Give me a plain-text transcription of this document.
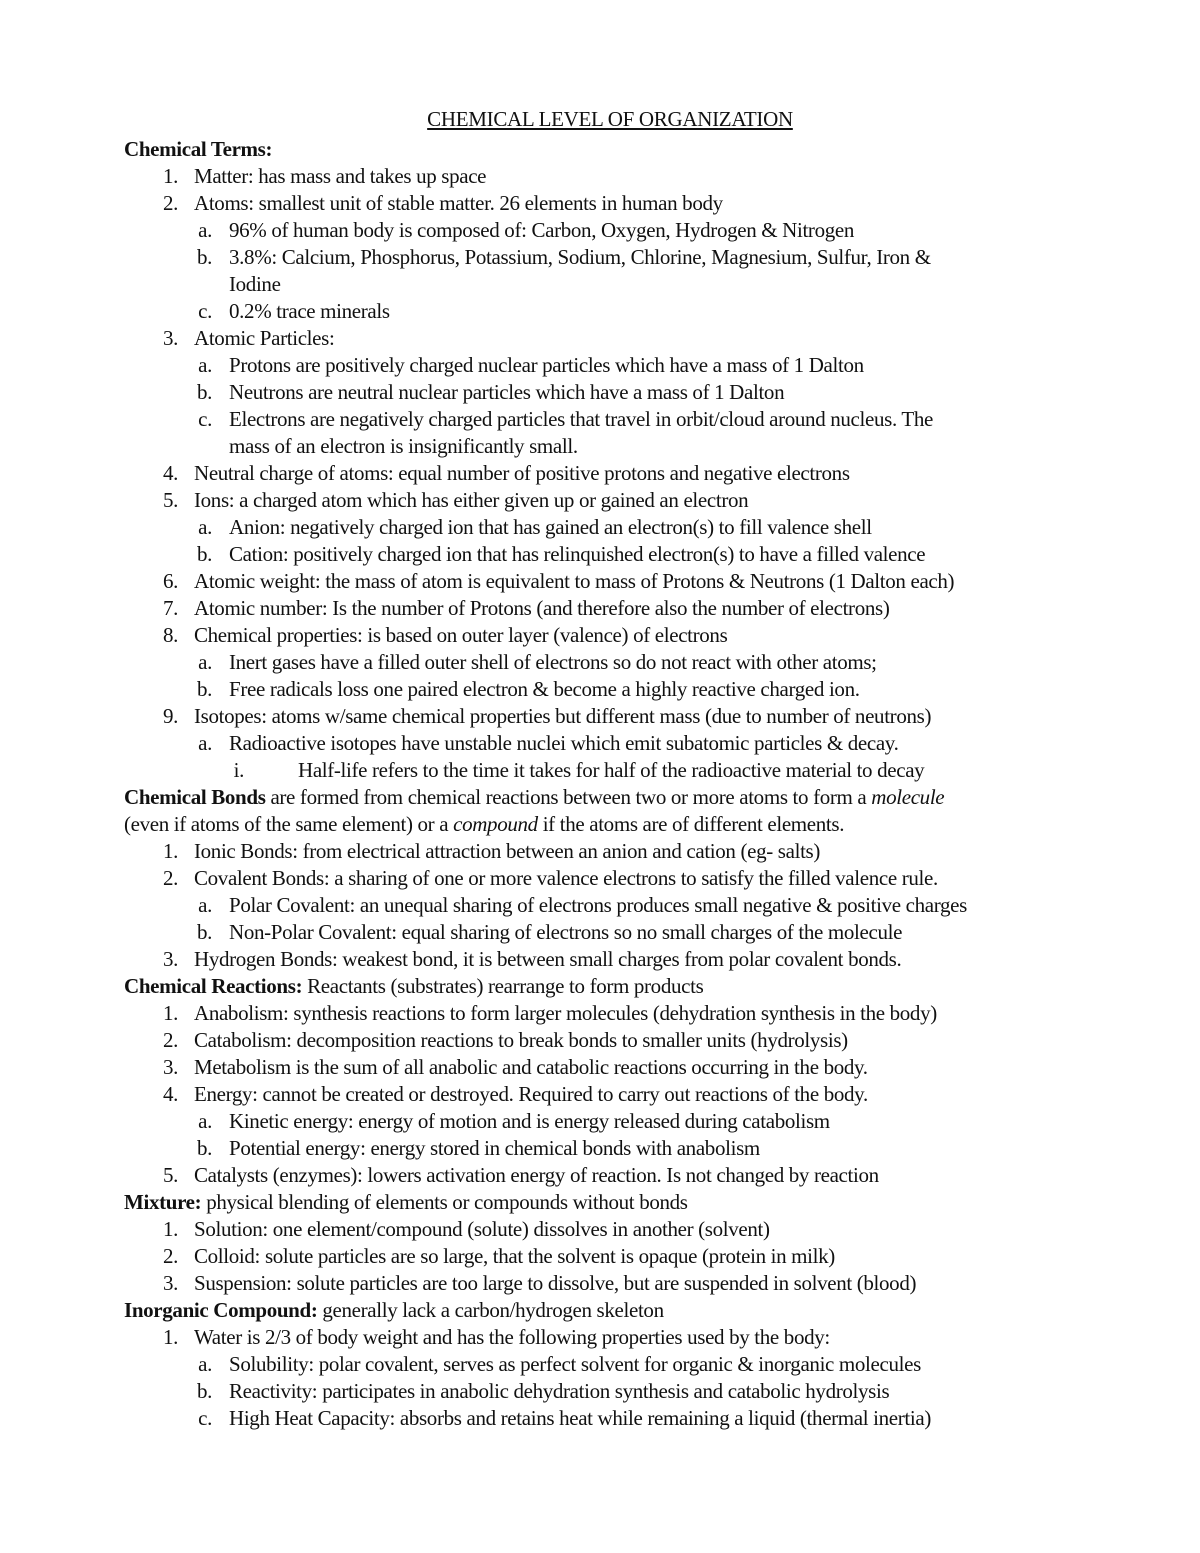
CHEMICAL LEVEL OF ORGANIZATION
Chemical Terms:
1. Matter: has mass and takes up space
2. Atoms: smallest unit of stable matter. 26 elements in human body
a. 96% of human body is composed of: Carbon, Oxygen, Hydrogen & Nitrogen
b. 3.8%: Calcium, Phosphorus, Potassium, Sodium, Chlorine, Magnesium, Sulfur, Iron &
Iodine
c. 0.2% trace minerals
3. Atomic Particles:
a. Protons are positively charged nuclear particles which have a mass of 1 Dalton
b. Neutrons are neutral nuclear particles which have a mass of 1 Dalton
c. Electrons are negatively charged particles that travel in orbit/cloud around nucleus. The
mass of an electron is insignificantly small.
4. Neutral charge of atoms: equal number of positive protons and negative electrons
5. Ions: a charged atom which has either given up or gained an electron
a. Anion: negatively charged ion that has gained an electron(s) to fill valence shell
b. Cation: positively charged ion that has relinquished electron(s) to have a filled valence
6. Atomic weight: the mass of atom is equivalent to mass of Protons & Neutrons (1 Dalton each)
7. Atomic number: Is the number of Protons (and therefore also the number of electrons)
8. Chemical properties: is based on outer layer (valence) of electrons
a. Inert gases have a filled outer shell of electrons so do not react with other atoms;
b. Free radicals loss one paired electron & become a highly reactive charged ion.
9. Isotopes: atoms w/same chemical properties but different mass (due to number of neutrons)
a. Radioactive isotopes have unstable nuclei which emit subatomic particles & decay.
i.	Half-life refers to the time it takes for half of the radioactive material to decay
Chemical Bonds are formed from chemical reactions between two or more atoms to form a molecule
(even if atoms of the same element) or a compound if the atoms are of different elements.
1. Ionic Bonds: from electrical attraction between an anion and cation (eg- salts)
2. Covalent Bonds: a sharing of one or more valence electrons to satisfy the filled valence rule.
a. Polar Covalent: an unequal sharing of electrons produces small negative & positive charges
b. Non-Polar Covalent: equal sharing of electrons so no small charges of the molecule
3. Hydrogen Bonds: weakest bond, it is between small charges from polar covalent bonds.
Chemical Reactions: Reactants (substrates) rearrange to form products
1. Anabolism: synthesis reactions to form larger molecules (dehydration synthesis in the body)
2. Catabolism: decomposition reactions to break bonds to smaller units (hydrolysis)
3. Metabolism is the sum of all anabolic and catabolic reactions occurring in the body.
4. Energy: cannot be created or destroyed. Required to carry out reactions of the body.
a. Kinetic energy: energy of motion and is energy released during catabolism
b. Potential energy: energy stored in chemical bonds with anabolism
5. Catalysts (enzymes): lowers activation energy of reaction. Is not changed by reaction
Mixture: physical blending of elements or compounds without bonds
1. Solution: one element/compound (solute) dissolves in another (solvent)
2. Colloid: solute particles are so large, that the solvent is opaque (protein in milk)
3. Suspension: solute particles are too large to dissolve, but are suspended in solvent (blood)
Inorganic Compound: generally lack a carbon/hydrogen skeleton
1. Water is 2/3 of body weight and has the following properties used by the body:
a. Solubility: polar covalent, serves as perfect solvent for organic & inorganic molecules
b. Reactivity: participates in anabolic dehydration synthesis and catabolic hydrolysis
c. High Heat Capacity: absorbs and retains heat while remaining a liquid (thermal inertia)
